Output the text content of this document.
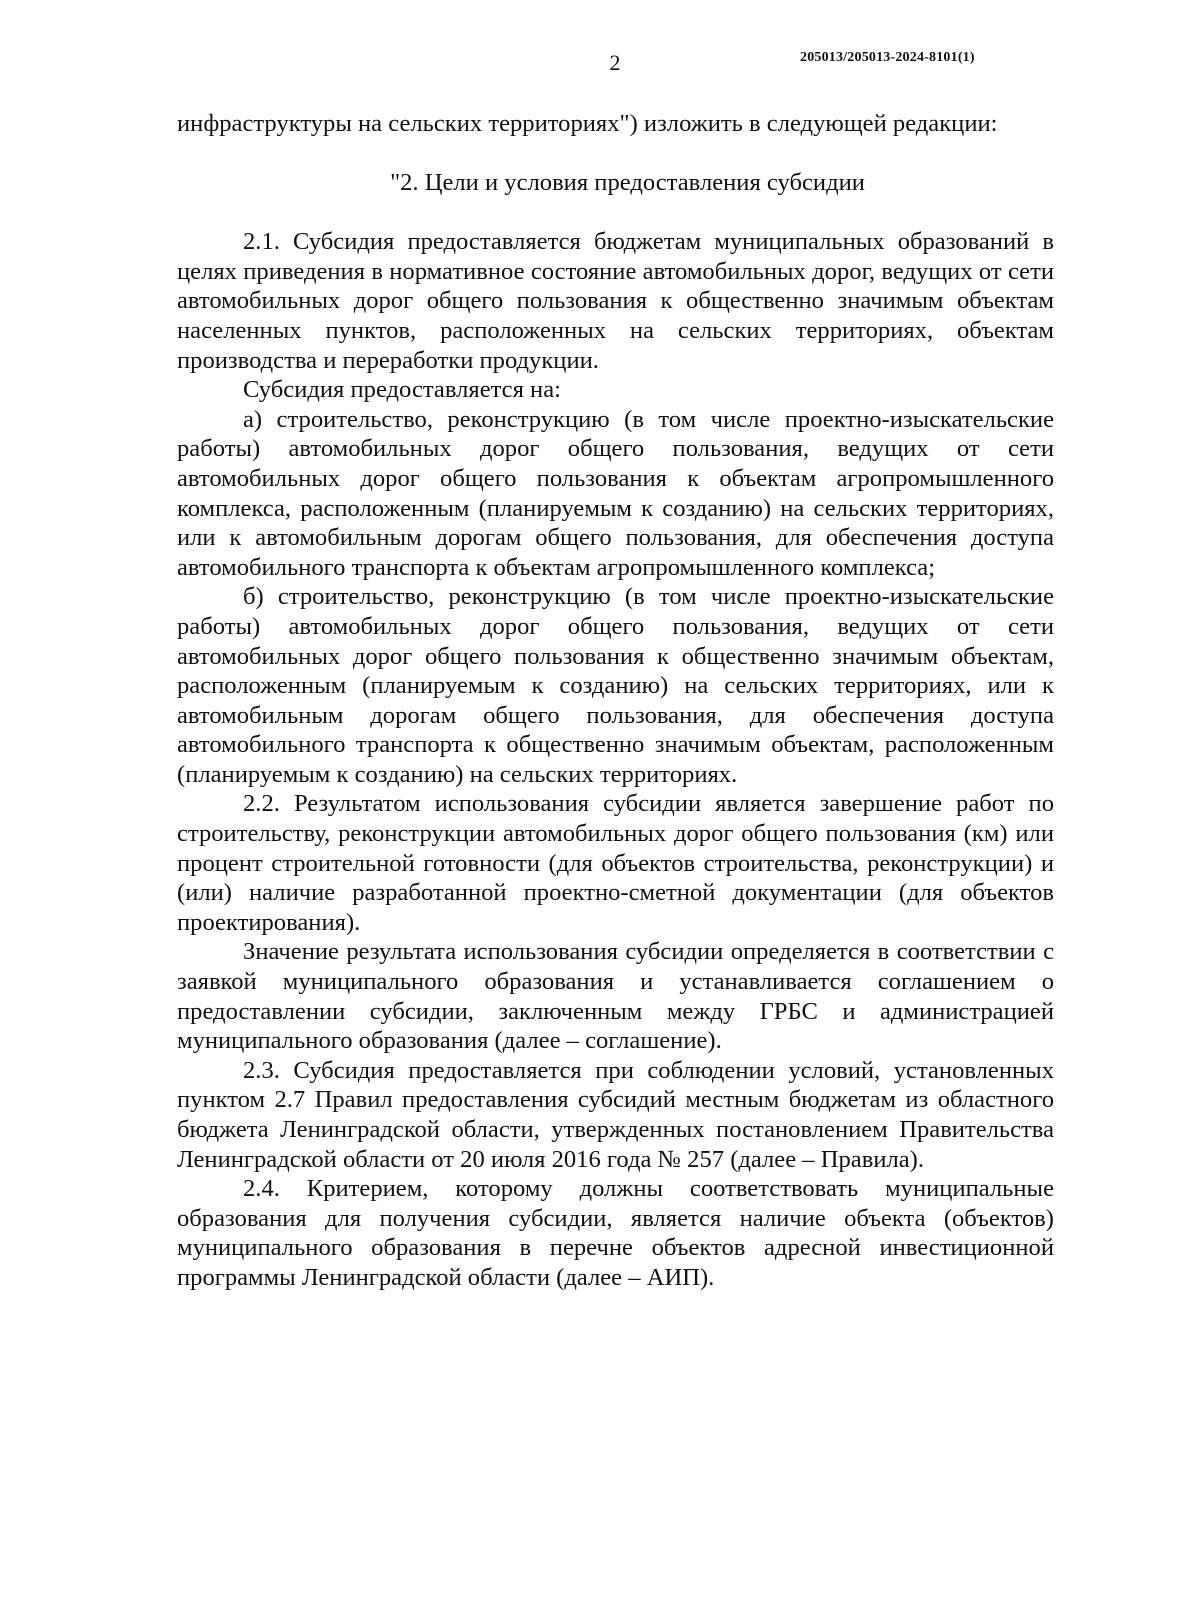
2	205013/205013-2024-8101(1)

инфраструктуры на сельских территориях") изложить в следующей редакции:

"2. Цели и условия предоставления субсидии

2.1. Субсидия предоставляется бюджетам муниципальных образований в целях приведения в нормативное состояние автомобильных дорог, ведущих от сети автомобильных дорог общего пользования к общественно значимым объектам населенных пунктов, расположенных на сельских территориях, объектам производства и переработки продукции.

Субсидия предоставляется на:

а) строительство, реконструкцию (в том числе проектно-изыскательские работы) автомобильных дорог общего пользования, ведущих от сети автомобильных дорог общего пользования к объектам агропромышленного комплекса, расположенным (планируемым к созданию) на сельских территориях, или к автомобильным дорогам общего пользования, для обеспечения доступа автомобильного транспорта к объектам агропромышленного комплекса;

б) строительство, реконструкцию (в том числе проектно-изыскательские работы) автомобильных дорог общего пользования, ведущих от сети автомобильных дорог общего пользования к общественно значимым объектам, расположенным (планируемым к созданию) на сельских территориях, или к автомобильным дорогам общего пользования, для обеспечения доступа автомобильного транспорта к общественно значимым объектам, расположенным (планируемым к созданию) на сельских территориях.

2.2. Результатом использования субсидии является завершение работ по строительству, реконструкции автомобильных дорог общего пользования (км) или процент строительной готовности (для объектов строительства, реконструкции) и (или) наличие разработанной проектно-сметной документации (для объектов проектирования).

Значение результата использования субсидии определяется в соответствии с заявкой муниципального образования и устанавливается соглашением о предоставлении субсидии, заключенным между ГРБС и администрацией муниципального образования (далее – соглашение).

2.3. Субсидия предоставляется при соблюдении условий, установленных пунктом 2.7 Правил предоставления субсидий местным бюджетам из областного бюджета Ленинградской области, утвержденных постановлением Правительства Ленинградской области от 20 июля 2016 года № 257 (далее – Правила).

2.4. Критерием, которому должны соответствовать муниципальные образования для получения субсидии, является наличие объекта (объектов) муниципального образования в перечне объектов адресной инвестиционной программы Ленинградской области (далее – АИП).
